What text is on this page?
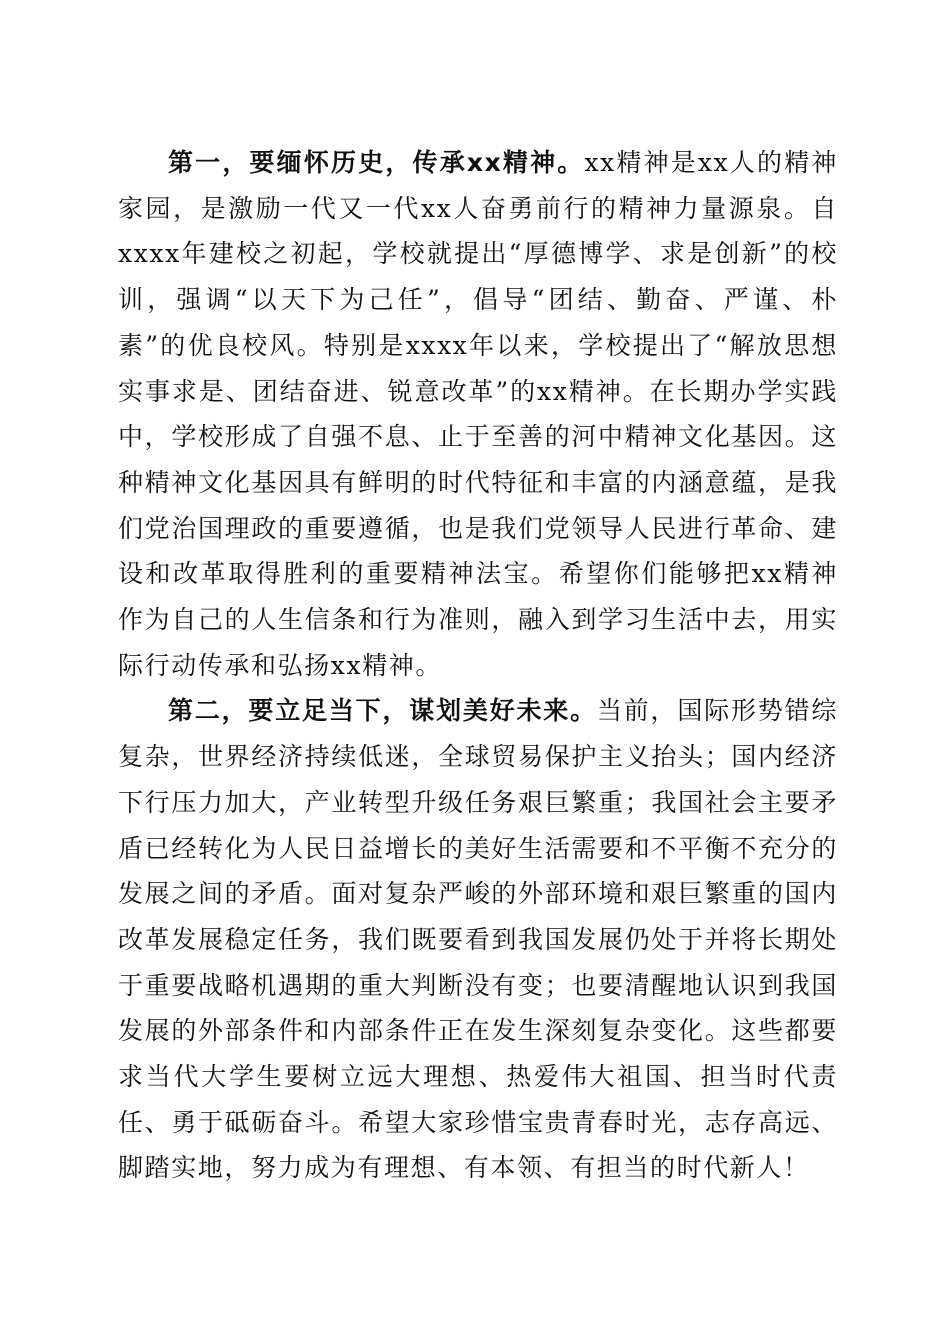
第一，要缅怀历史，传承xx精神。xx精神是xx人的精神家园，是激励一代又一代xx人奋勇前行的精神力量源泉。自xxxx年建校之初起，学校就提出“厚德博学、求是创新”的校训，强调“以天下为己任”，倡导“团结、勤奋、严谨、朴素”的优良校风。特别是xxxx年以来，学校提出了“解放思想实事求是、团结奋进、锐意改革”的xx精神。在长期办学实践中，学校形成了自强不息、止于至善的河中精神文化基因。这种精神文化基因具有鲜明的时代特征和丰富的内涵意蕴，是我们党治国理政的重要遵循，也是我们党领导人民进行革命、建设和改革取得胜利的重要精神法宝。希望你们能够把xx精神作为自己的人生信条和行为准则，融入到学习生活中去，用实际行动传承和弘扬xx精神。

第二，要立足当下，谋划美好未来。当前，国际形势错综复杂，世界经济持续低迷，全球贸易保护主义抬头；国内经济下行压力加大，产业转型升级任务艰巨繁重；我国社会主要矛盾已经转化为人民日益增长的美好生活需要和不平衡不充分的发展之间的矛盾。面对复杂严峻的外部环境和艰巨繁重的国内改革发展稳定任务，我们既要看到我国发展仍处于并将长期处于重要战略机遇期的重大判断没有变；也要清醒地认识到我国发展的外部条件和内部条件正在发生深刻复杂变化。这些都要求当代大学生要树立远大理想、热爱伟大祖国、担当时代责任、勇于砥砺奋斗。希望大家珍惜宝贵青春时光，志存高远、脚踏实地，努力成为有理想、有本领、有担当的时代新人！
